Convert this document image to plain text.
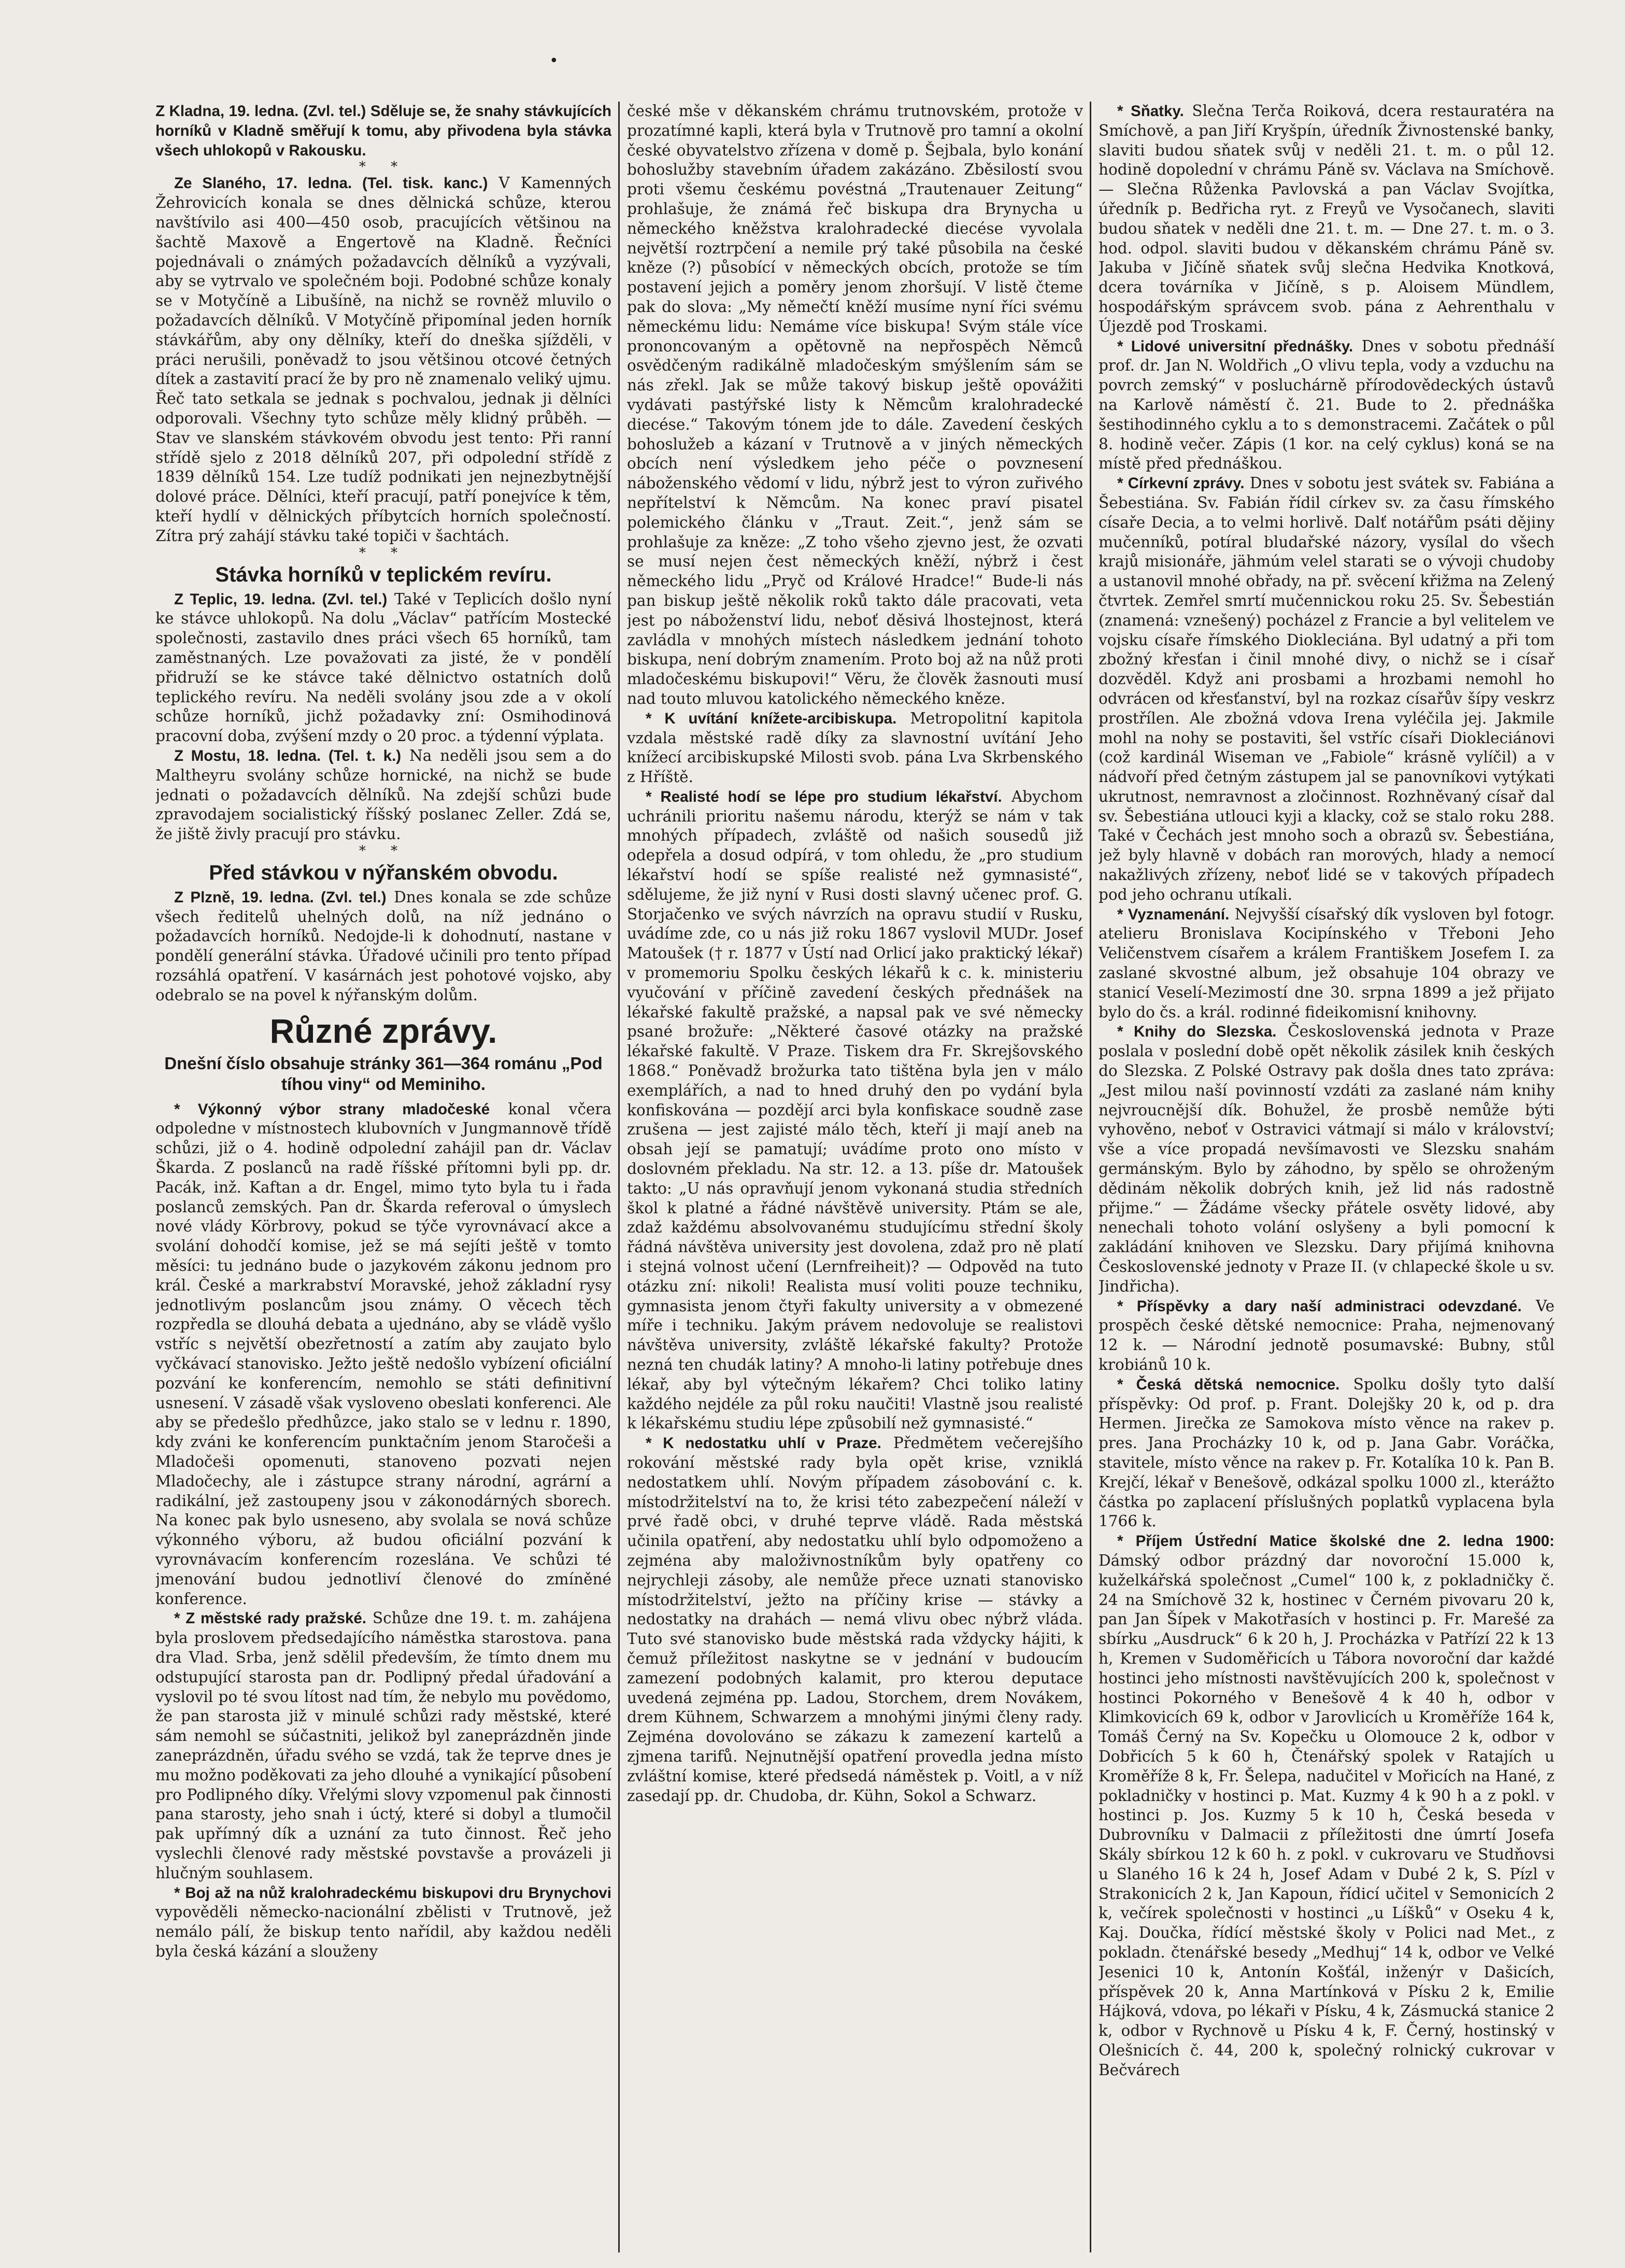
•

Z Kladna, 19. ledna. (Zvl. tel.) Sděluje se, že snahy stávkujících horníků v Kladně směřují k tomu, aby přivodena byla stávka všech uhlokopů v Rakousku.

* *

Ze Slaného, 17. ledna. (Tel. tisk. kanc.) V Kamenných Žehrovicích konala se dnes dělnická schůze, kterou navštívilo asi 400—450 osob, pracujících většinou na šachtě Maxově a Engertově na Kladně. Řečníci pojednávali o známých požadavcích dělníků a vyzývali, aby se vytrvalo ve společném boji. Podobné schůze konaly se v Motyčíně a Libušíně, na nichž se rovněž mluvilo o požadavcích dělníků. V Motyčíně připomínal jeden horník stávkářům, aby ony dělníky, kteří do dneška sjížděli, v práci nerušili, poněvadž to jsou většinou otcové četných dítek a zastavití prací že by pro ně znamenalo veliký ujmu. Řeč tato setkala se jednak s pochvalou, jednak ji dělníci odporovali. Všechny tyto schůze měly klidný průběh. — Stav ve slanském stávkovém obvodu jest tento: Při ranní střídě sjelo z 2018 dělníků 207, při odpolední střídě z 1839 dělníků 154. Lze tudíž podnikati jen nejnezbytnější dolové práce. Dělníci, kteří pracují, patří ponejvíce k těm, kteří hydlí v dělnických příbytcích horních společností. Zítra prý zahájí stávku také topiči v šachtách.

* *
Stávka horníků v teplickém revíru.

Z Teplic, 19. ledna. (Zvl. tel.) Také v Teplicích došlo nyní ke stávce uhlokopů. Na dolu „Václav“ patřícím Mostecké společnosti, zastavilo dnes práci všech 65 horníků, tam zaměstnaných. Lze považovati za jisté, že v pondělí přidruží se ke stávce také dělnictvo ostatních dolů teplického revíru. Na neděli svolány jsou zde a v okolí schůze horníků, jichž požadavky zní: Osmihodinová pracovní doba, zvýšení mzdy o 20 proc. a týdenní výplata.

Z Mostu, 18. ledna. (Tel. t. k.) Na neděli jsou sem a do Maltheyru svolány schůze hornické, na nichž se bude jednati o požadavcích dělníků. Na zdejší schůzi bude zpravodajem socialistický říšský poslanec Zeller. Zdá se, že jiště živly pracují pro stávku.

* *
Před stávkou v nýřanském obvodu.

Z Plzně, 19. ledna. (Zvl. tel.) Dnes konala se zde schůze všech ředitelů uhelných dolů, na níž jednáno o požadavcích horníků. Nedojde-li k dohodnutí, nastane v pondělí generální stávka. Úřadové učinili pro tento případ rozsáhlá opatření. V kasárnách jest pohotové vojsko, aby odebralo se na povel k nýřanským dolům.

Různé zprávy.
Dnešní číslo obsahuje stránky 361—364 románu „Pod tíhou viny“ od Meminiho.

* Výkonný výbor strany mladočeské konal včera odpoledne v místnostech klubovních v Jungmannově třídě schůzi, již o 4. hodině odpolední zahájil pan dr. Václav Škarda. Z poslanců na radě říšské přítomni byli pp. dr. Pacák, inž. Kaftan a dr. Engel, mimo tyto byla tu i řada poslanců zemských. Pan dr. Škarda referoval o úmyslech nové vlády Körbrovy, pokud se týče vyrovnávací akce a svolání dohodčí komise, jež se má sejíti ještě v tomto měsíci: tu jednáno bude o jazykovém zákonu jednom pro král. České a markrabství Moravské, jehož základní rysy jednotlivým poslancům jsou známy. O věcech těch rozpředla se dlouhá debata a ujednáno, aby se vládě vyšlo vstříc s největší obezřetností a zatím aby zaujato bylo vyčkávací stanovisko. Ježto ještě nedošlo vybízení oficiální pozvání ke konferencím, nemohlo se státi definitivní usnesení. V zásadě však vysloveno obeslati konferenci. Ale aby se předešlo předhůzce, jako stalo se v lednu r. 1890, kdy zváni ke konferencím punktačním jenom Staročeši a Mladočeši opomenuti, stanoveno pozvati nejen Mladočechy, ale i zástupce strany národní, agrární a radikální, jež zastoupeny jsou v zákonodárných sborech. Na konec pak bylo usneseno, aby svolala se nová schůze výkonného výboru, až budou oficiální pozvání k vyrovnávacím konferencím rozeslána. Ve schůzi té jmenování budou jednotliví členové do zmíněné konference.

* Z městské rady pražské. Schůze dne 19. t. m. zahájena byla proslovem předsedajícího náměstka starostova. pana dra Vlad. Srba, jenž sdělil především, že tímto dnem mu odstupující starosta pan dr. Podlipný předal úřadování a vyslovil po té svou lítost nad tím, že nebylo mu povědomo, že pan starosta již v minulé schůzi rady městské, které sám nemohl se súčastniti, jelikož byl zaneprázdněn jinde zaneprázdněn, úřadu svého se vzdá, tak že teprve dnes je mu možno poděkovati za jeho dlouhé a vynikající působení pro Podlipného díky. Vřelými slovy vzpomenul pak činnosti pana starosty, jeho snah i úctý, které si dobyl a tlumočil pak upřímný dík a uznání za tuto činnost. Řeč jeho vyslechli členové rady městské povstavše a provázeli ji hlučným souhlasem.

* Boj až na nůž kralohradeckému biskupovi dru Brynychovi vypověděli německo-nacionální zbělisti v Trutnově, jež nemálo pálí, že biskup tento nařídil, aby každou neděli byla česká kázání a slouženy

české mše v děkanském chrámu trutnovském, protože v prozatímné kapli, která byla v Trutnově pro tamní a okolní české obyvatelstvo zřízena v domě p. Šejbala, bylo konání bohoslužby stavebním úřadem zakázáno. Zběsilostí svou proti všemu českému povéstná „Trautenauer Zeitung“ prohlašuje, že známá řeč biskupa dra Brynycha u německého kněžstva kralohradecké diecése vyvolala největší roztrpčení a nemile prý také působila na české kněze (?) působící v německých obcích, protože se tím postavení jejich a poměry jenom zhoršují. V listě čteme pak do slova: „My němečtí kněží musíme nyní říci svému německému lidu: Nemáme více biskupa! Svým stále více prononcovaným a opětovně na nepřospěch Němců osvědčeným radikálně mladočeským smýšlením sám se nás zřekl. Jak se může takový biskup ještě opovážiti vydávati pastýřské listy k Němcům kralohradecké diecése.“ Takovým tónem jde to dále. Zavedení českých bohoslužeb a kázaní v Trutnově a v jiných německých obcích není výsledkem jeho péče o povznesení náboženského vědomí v lidu, nýbrž jest to výron zuřivého nepřítelství k Němcům. Na konec praví pisatel polemického článku v „Traut. Zeit.“, jenž sám se prohlašuje za kněze: „Z toho všeho zjevno jest, že ozvati se musí nejen čest německých kněží, nýbrž i čest německého lidu „Pryč od Králové Hradce!“ Bude-li nás pan biskup ještě několik roků takto dále pracovati, veta jest po náboženství lidu, neboť děsivá lhostejnost, která zavládla v mnohých místech následkem jednání tohoto biskupa, není dobrým znamením. Proto boj až na nůž proti mladočeskému biskupovi!“ Věru, že člověk žasnouti musí nad touto mluvou katolického německého kněze.

* K uvítání knížete-arcibiskupa. Metropolitní kapitola vzdala městské radě díky za slavnostní uvítání Jeho knížecí arcibiskupské Milosti svob. pána Lva Skrbenského z Hříště.

* Realisté hodí se lépe pro studium lékařství. Abychom uchránili prioritu našemu národu, kterýž se nám v tak mnohých případech, zvláště od našich sousedů již odepřela a dosud odpírá, v tom ohledu, že „pro studium lékařství hodí se spíše realisté než gymnasisté“, sdělujeme, že již nyní v Rusi dosti slavný učenec prof. G. Storjačenko ve svých návrzích na opravu studií v Rusku, uvádíme zde, co u nás již roku 1867 vyslovil MUDr. Josef Matoušek († r. 1877 v Ústí nad Orlicí jako praktický lékař) v promemoriu Spolku českých lékařů k c. k. ministeriu vyučování v příčině zavedení českých přednášek na lékařské fakultě pražské, a napsal pak ve své německy psané brožuře: „Některé časové otázky na pražské lékařské fakultě. V Praze. Tiskem dra Fr. Skrejšovského 1868.“ Poněvadž brožurka tato tištěna byla jen v málo exemplářích, a nad to hned druhý den po vydání byla konfiskována — pozdějí arci byla konfiskace soudně zase zrušena — jest zajisté málo těch, kteří ji mají aneb na obsah její se pamatují; uvádíme proto ono místo v doslovném překladu. Na str. 12. a 13. píše dr. Matoušek takto: „U nás opravňují jenom vykonaná studia středních škol k platné a řádné návštěvě university. Ptám se ale, zdaž každému absolvovanému studujícímu střední školy řádná návštěva university jest dovolena, zdaž pro ně platí i stejná volnost učení (Lernfreiheit)? — Odpověd na tuto otázku zní: nikoli! Realista musí voliti pouze techniku, gymnasista jenom čtyři fakulty university a v obmezené míře i techniku. Jakým právem nedovoluje se realistovi návštěva university, zvláště lékařské fakulty? Protože nezná ten chudák latiny? A mnoho-li latiny potřebuje dnes lékař, aby byl výtečným lékařem? Chci toliko latiny každého nejdéle za půl roku naučiti! Vlastně jsou realisté k lékařskému studiu lépe způsobilí než gymnasisté.“

* K nedostatku uhlí v Praze. Předmětem večerejšího rokování městské rady byla opět krise, vzniklá nedostatkem uhlí. Novým případem zásobování c. k. místodržitelství na to, že krisi této zabezpečení náleží v prvé řadě obci, v druhé teprve vládě. Rada městská učinila opatření, aby nedostatku uhlí bylo odpomoženo a zejména aby maloživnostníkům byly opatřeny co nejrychleji zásoby, ale nemůže přece uznati stanovisko místodržitelství, ježto na příčiny krise — stávky a nedostatky na drahách — nemá vlivu obec nýbrž vláda. Tuto své stanovisko bude městská rada vždycky hájiti, k čemuž příležitost naskytne se v jednání v budoucím zamezení podobných kalamit, pro kterou deputace uvedená zejména pp. Ladou, Storchem, drem Novákem, drem Kühnem, Schwarzem a mnohými jinými členy rady. Zejména dovolováno se zákazu k zamezení kartelů a zjmena tarifů. Nejnutnější opatření provedla jedna místo zvláštní komise, které předsedá náměstek p. Voitl, a v níž zasedají pp. dr. Chudoba, dr. Kühn, Sokol a Schwarz.

* Sňatky. Slečna Terča Roiková, dcera restauratéra na Smíchově, a pan Jiří Kryšpín, úředník Živnostenské banky, slaviti budou sňatek svůj v neděli 21. t. m. o půl 12. hodině dopolední v chrámu Páně sv. Václava na Smíchově. — Slečna Růženka Pavlovská a pan Václav Svojítka, úředník p. Bedřicha ryt. z Freyů ve Vysočanech, slaviti budou sňatek v neděli dne 21. t. m. — Dne 27. t. m. o 3. hod. odpol. slaviti budou v děkanském chrámu Páně sv. Jakuba v Jičíně sňatek svůj slečna Hedvika Knotková, dcera továrníka v Jičíně, s p. Aloisem Mündlem, hospodářským správcem svob. pána z Aehrenthalu v Újezdě pod Troskami.

* Lidové universitní přednášky. Dnes v sobotu přednáší prof. dr. Jan N. Woldřich „O vlivu tepla, vody a vzduchu na povrch zemský“ v posluchárně přírodovědeckých ústavů na Karlově náměstí č. 21. Bude to 2. přednáška šestihodinného cyklu a to s demonstracemi. Začátek o půl 8. hodině večer. Zápis (1 kor. na celý cyklus) koná se na místě před přednáškou.

* Církevní zprávy. Dnes v sobotu jest svátek sv. Fabiána a Šebestiána. Sv. Fabián řídil církev sv. za času římského císaře Decia, a to velmi horlivě. Dalť notářům psáti dějiny mučenníků, potíral bludařské názory, vysílal do všech krajů misionáře, jähmúm velel starati se o vývoji chudoby a ustanovil mnohé obřady, na př. svěcení křižma na Zelený čtvrtek. Zemřel smrtí mučennickou roku 25. Sv. Šebestián (znamená: vznešený) pocházel z Francie a byl velitelem ve vojsku císaře římského Diokleciána. Byl udatný a při tom zbožný křesťan i činil mnohé divy, o nichž se i císař dozvěděl. Když ani prosbami a hrozbami nemohl ho odvrácen od křesťanství, byl na rozkaz císařův šípy veskrz prostřílen. Ale zbožná vdova Irena vyléčila jej. Jakmile mohl na nohy se postaviti, šel vstříc císaři Diokleciánovi (což kardinál Wiseman ve „Fabiole“ krásně vylíčil) a v nádvoří před četným zástupem jal se panovníkovi vytýkati ukrutnost, nemravnost a zločinnost. Rozhněvaný císař dal sv. Šebestiána utlouci kyji a klacky, což se stalo roku 288. Také v Čechách jest mnoho soch a obrazů sv. Šebestiána, jež byly hlavně v dobách ran morových, hlady a nemocí nakažlivých zřízeny, neboť lidé se v takových případech pod jeho ochranu utíkali.

* Vyznamenání. Nejvyšší císařský dík vysloven byl fotogr. atelieru Bronislava Kocipínského v Třeboni Jeho Veličenstvem císařem a králem Františkem Josefem I. za zaslané skvostné album, jež obsahuje 104 obrazy ve stanicí Veselí-Mezimostí dne 30. srpna 1899 a jež přijato bylo do čs. a král. rodinné fideikomisní knihovny.

* Knihy do Slezska. Československá jednota v Praze poslala v poslední době opět několik zásilek knih českých do Slezska. Z Polské Ostravy pak došla dnes tato zpráva: „Jest milou naší povinností vzdáti za zaslané nám knihy nejvroucnější dík. Bohužel, že prosbě nemůže býti vyhověno, neboť v Ostravici vátmají si málo v království; vše a více propadá nevšímavosti ve Slezsku snahám germánským. Bylo by záhodno, by spělo se ohroženým dědinám několik dobrých knih, jež lid nás radostně přijme.“ — Žádáme všecky přátele osvěty lidové, aby nenechali tohoto volání oslyšeny a byli pomocní k zakládání knihoven ve Slezsku. Dary přijímá knihovna Československé jednoty v Praze II. (v chlapecké škole u sv. Jindřicha).

* Příspěvky a dary naší administraci odevzdané. Ve prospěch české dětské nemocnice: Praha, nejmenovaný 12 k. — Národní jednotě posumavské: Bubny, stůl krobiánů 10 k.

* Česká dětská nemocnice. Spolku došly tyto další příspěvky: Od prof. p. Frant. Dolejšky 20 k, od p. dra Hermen. Jirečka ze Samokova místo věnce na rakev p. pres. Jana Procházky 10 k, od p. Jana Gabr. Voráčka, stavitele, místo věnce na rakev p. Fr. Kotalíka 10 k. Pan B. Krejčí, lékař v Benešově, odkázal spolku 1000 zl., kterážto částka po zaplacení příslušných poplatků vyplacena byla 1766 k.

* Příjem Ústřední Matice školské dne 2. ledna 1900: Dámský odbor prázdný dar novoroční 15.000 k, kuželkářská společnost „Cumel“ 100 k, z pokladničky č. 24 na Smíchově 32 k, hostinec v Černém pivovaru 20 k, pan Jan Šípek v Makotřasích v hostinci p. Fr. Marešé za sbírku „Ausdruck“ 6 k 20 h, J. Procházka v Patřízí 22 k 13 h, Kremen v Sudoměřicích u Tábora novoroční dar každé hostinci jeho místnosti navštěvujících 200 k, společnost v hostinci Pokorného v Benešově 4 k 40 h, odbor v Klimkovicích 69 k, odbor v Jarovlicích u Kroměříže 164 k, Tomáš Černý na Sv. Kopečku u Olomouce 2 k, odbor v Dobřicích 5 k 60 h, Čtenářský spolek v Ratajích u Kroměříže 8 k, Fr. Šelepa, nadučitel v Mořicích na Hané, z pokladničky v hostinci p. Mat. Kuzmy 4 k 90 h a z pokl. v hostinci p. Jos. Kuzmy 5 k 10 h, Česká beseda v Dubrovníku v Dalmacii z příležitosti dne úmrtí Josefa Skály sbírkou 12 k 60 h. z pokl. v cukrovaru ve Studňovsi u Slaného 16 k 24 h, Josef Adam v Dubé 2 k, S. Pízl v Strakonicích 2 k, Jan Kapoun, řídicí učitel v Semonicích 2 k, večírek společnosti v hostinci „u Líšků“ v Oseku 4 k, Kaj. Doučka, řídící městské školy v Polici nad Met., z pokladn. čtenářské besedy „Medhuj“ 14 k, odbor ve Velké Jesenici 10 k, Antonín Košťál, inženýr v Dašicích, příspěvek 20 k, Anna Martínková v Písku 2 k, Emilie Hájková, vdova, po lékaři v Písku, 4 k, Zásmucká stanice 2 k, odbor v Rychnově u Písku 4 k, F. Černý, hostinský v Olešnicích č. 44, 200 k, společný rolnický cukrovar v Bečvárech
